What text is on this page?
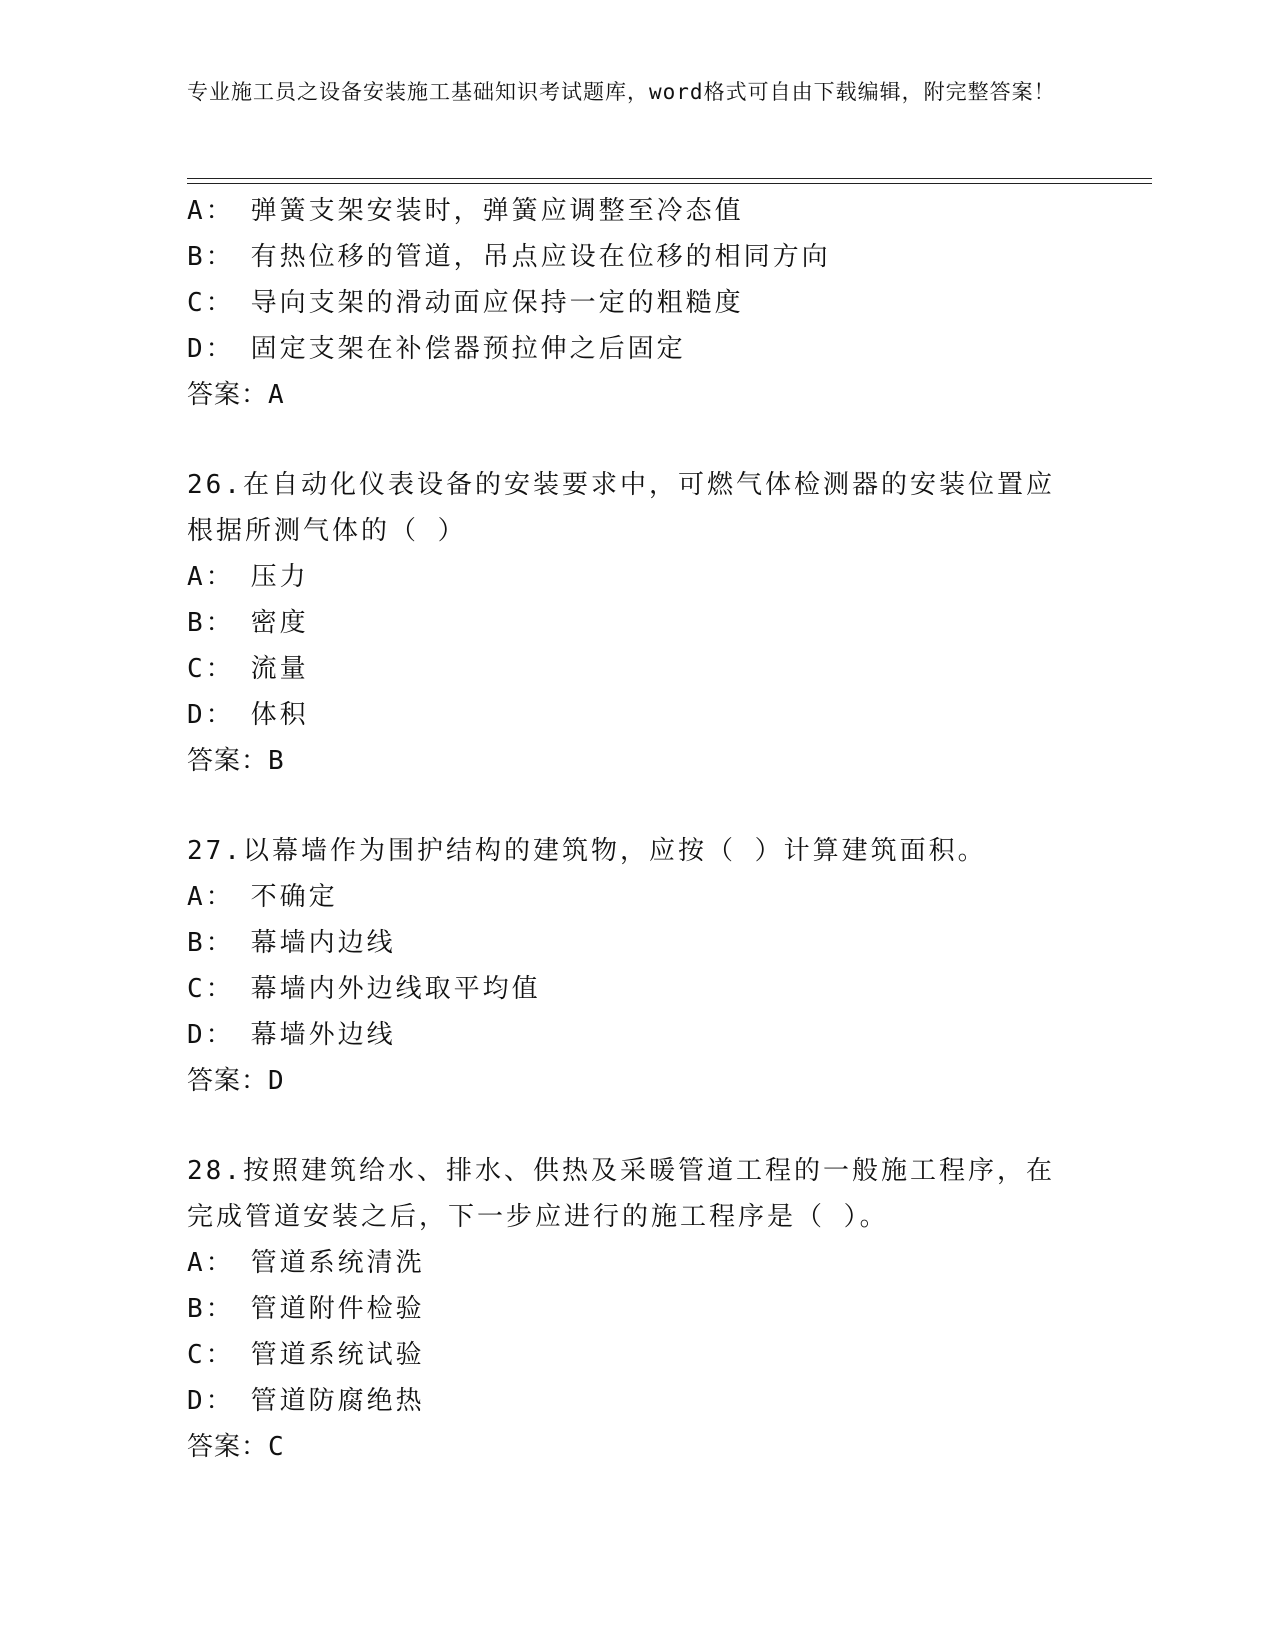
专业施工员之设备安装施工基础知识考试题库，word格式可自由下载编辑，附完整答案！
A： 弹簧支架安装时，弹簧应调整至冷态值
B： 有热位移的管道，吊点应设在位移的相同方向
C： 导向支架的滑动面应保持一定的粗糙度
D： 固定支架在补偿器预拉伸之后固定
答案：A
26.在自动化仪表设备的安装要求中，可燃气体检测器的安装位置应根据所测气体的（ ）
A： 压力
B： 密度
C： 流量
D： 体积
答案：B
27.以幕墙作为围护结构的建筑物，应按（ ）计算建筑面积。
A： 不确定
B： 幕墙内边线
C： 幕墙内外边线取平均值
D： 幕墙外边线
答案：D
28.按照建筑给水、排水、供热及采暖管道工程的一般施工程序，在完成管道安装之后，下一步应进行的施工程序是（ ）。
A： 管道系统清洗
B： 管道附件检验
C： 管道系统试验
D： 管道防腐绝热
答案：C
